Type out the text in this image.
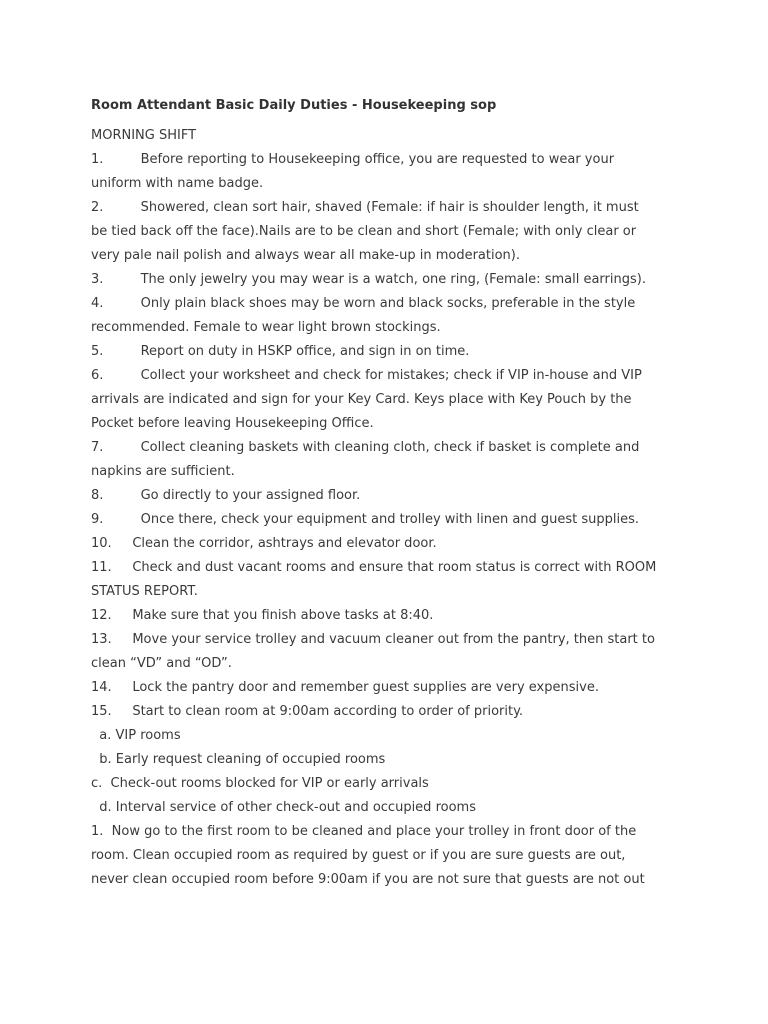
Room Attendant Basic Daily Duties - Housekeeping sop
MORNING SHIFT
1.         Before reporting to Housekeeping office, you are requested to wear your
uniform with name badge.
2.         Showered, clean sort hair, shaved (Female: if hair is shoulder length, it must
be tied back off the face).Nails are to be clean and short (Female; with only clear or
very pale nail polish and always wear all make-up in moderation).
3.         The only jewelry you may wear is a watch, one ring, (Female: small earrings).
4.         Only plain black shoes may be worn and black socks, preferable in the style
recommended. Female to wear light brown stockings.
5.         Report on duty in HSKP office, and sign in on time.
6.         Collect your worksheet and check for mistakes; check if VIP in-house and VIP
arrivals are indicated and sign for your Key Card. Keys place with Key Pouch by the
Pocket before leaving Housekeeping Office.
7.         Collect cleaning baskets with cleaning cloth, check if basket is complete and
napkins are sufficient.
8.         Go directly to your assigned floor.
9.         Once there, check your equipment and trolley with linen and guest supplies.
10.     Clean the corridor, ashtrays and elevator door.
11.     Check and dust vacant rooms and ensure that room status is correct with ROOM
STATUS REPORT.
12.     Make sure that you finish above tasks at 8:40.
13.     Move your service trolley and vacuum cleaner out from the pantry, then start to
clean “VD” and “OD”.
14.     Lock the pantry door and remember guest supplies are very expensive.
15.     Start to clean room at 9:00am according to order of priority.
a. VIP rooms
b. Early request cleaning of occupied rooms
c.  Check-out rooms blocked for VIP or early arrivals
d. Interval service of other check-out and occupied rooms
1.  Now go to the first room to be cleaned and place your trolley in front door of the
room. Clean occupied room as required by guest or if you are sure guests are out,
never clean occupied room before 9:00am if you are not sure that guests are not out
